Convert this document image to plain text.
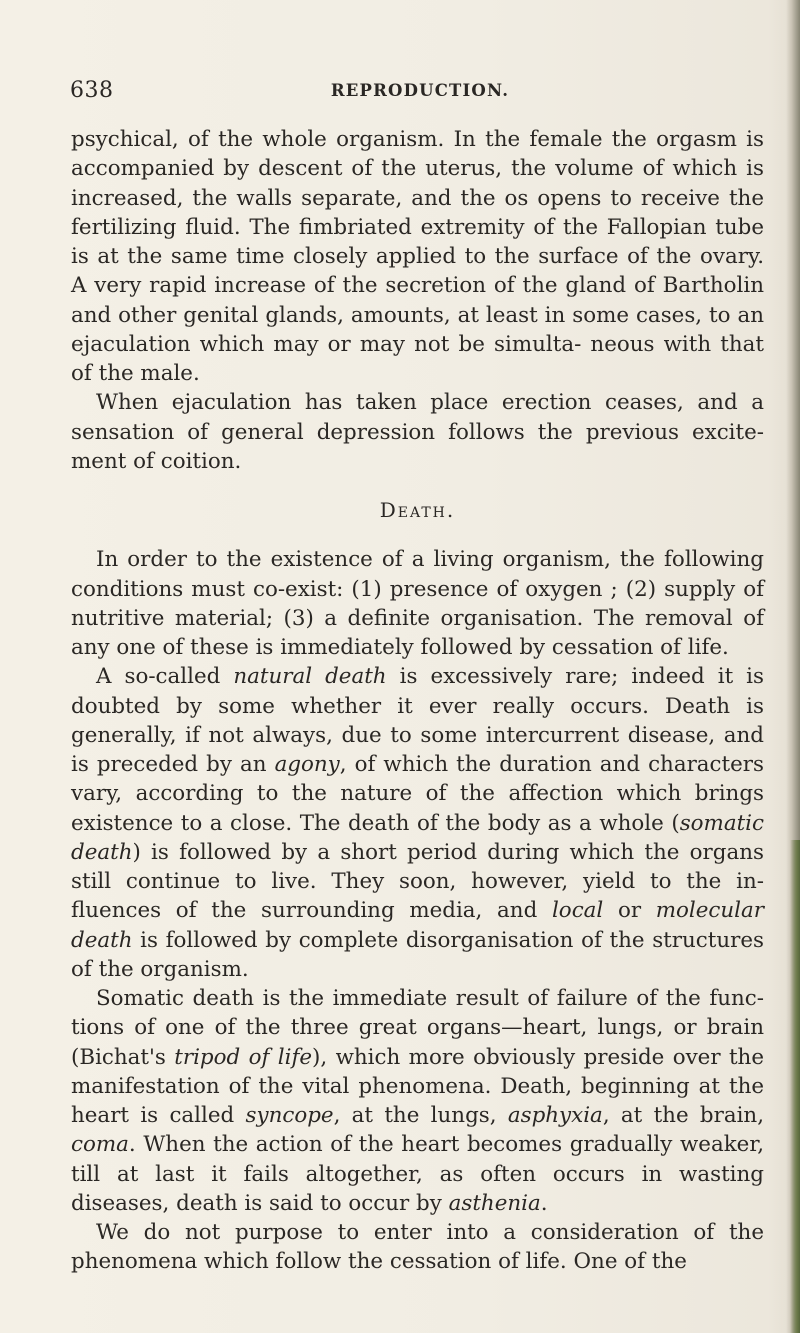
638	REPRODUCTION.

psychical, of the whole organism. In the female the orgasm is accompanied by descent of the uterus, the volume of which is increased, the walls separate, and the os opens to receive the fertilizing fluid. The fimbriated extremity of the Fallopian tube is at the same time closely applied to the surface of the ovary. A very rapid increase of the secretion of the gland of Bartholin and other genital glands, amounts, at least in some cases, to an ejaculation which may or may not be simulta- neous with that of the male.

When ejaculation has taken place erection ceases, and a sensation of general depression follows the previous excite- ment of coition.

Death.

In order to the existence of a living organism, the following conditions must co-exist: (1) presence of oxygen ; (2) supply of nutritive material; (3) a definite organisation. The removal of any one of these is immediately followed by cessation of life.

A so-called natural death is excessively rare; indeed it is doubted by some whether it ever really occurs. Death is generally, if not always, due to some intercurrent disease, and is preceded by an agony, of which the duration and characters vary, according to the nature of the affection which brings existence to a close. The death of the body as a whole (somatic death) is followed by a short period during which the organs still continue to live. They soon, however, yield to the in- fluences of the surrounding media, and local or molecular death is followed by complete disorganisation of the structures of the organism.

Somatic death is the immediate result of failure of the func- tions of one of the three great organs—heart, lungs, or brain (Bichat's tripod of life), which more obviously preside over the manifestation of the vital phenomena. Death, beginning at the heart is called syncope, at the lungs, asphyxia, at the brain, coma. When the action of the heart becomes gradually weaker, till at last it fails altogether, as often occurs in wasting diseases, death is said to occur by asthenia.

We do not purpose to enter into a consideration of the phenomena which follow the cessation of life. One of the
